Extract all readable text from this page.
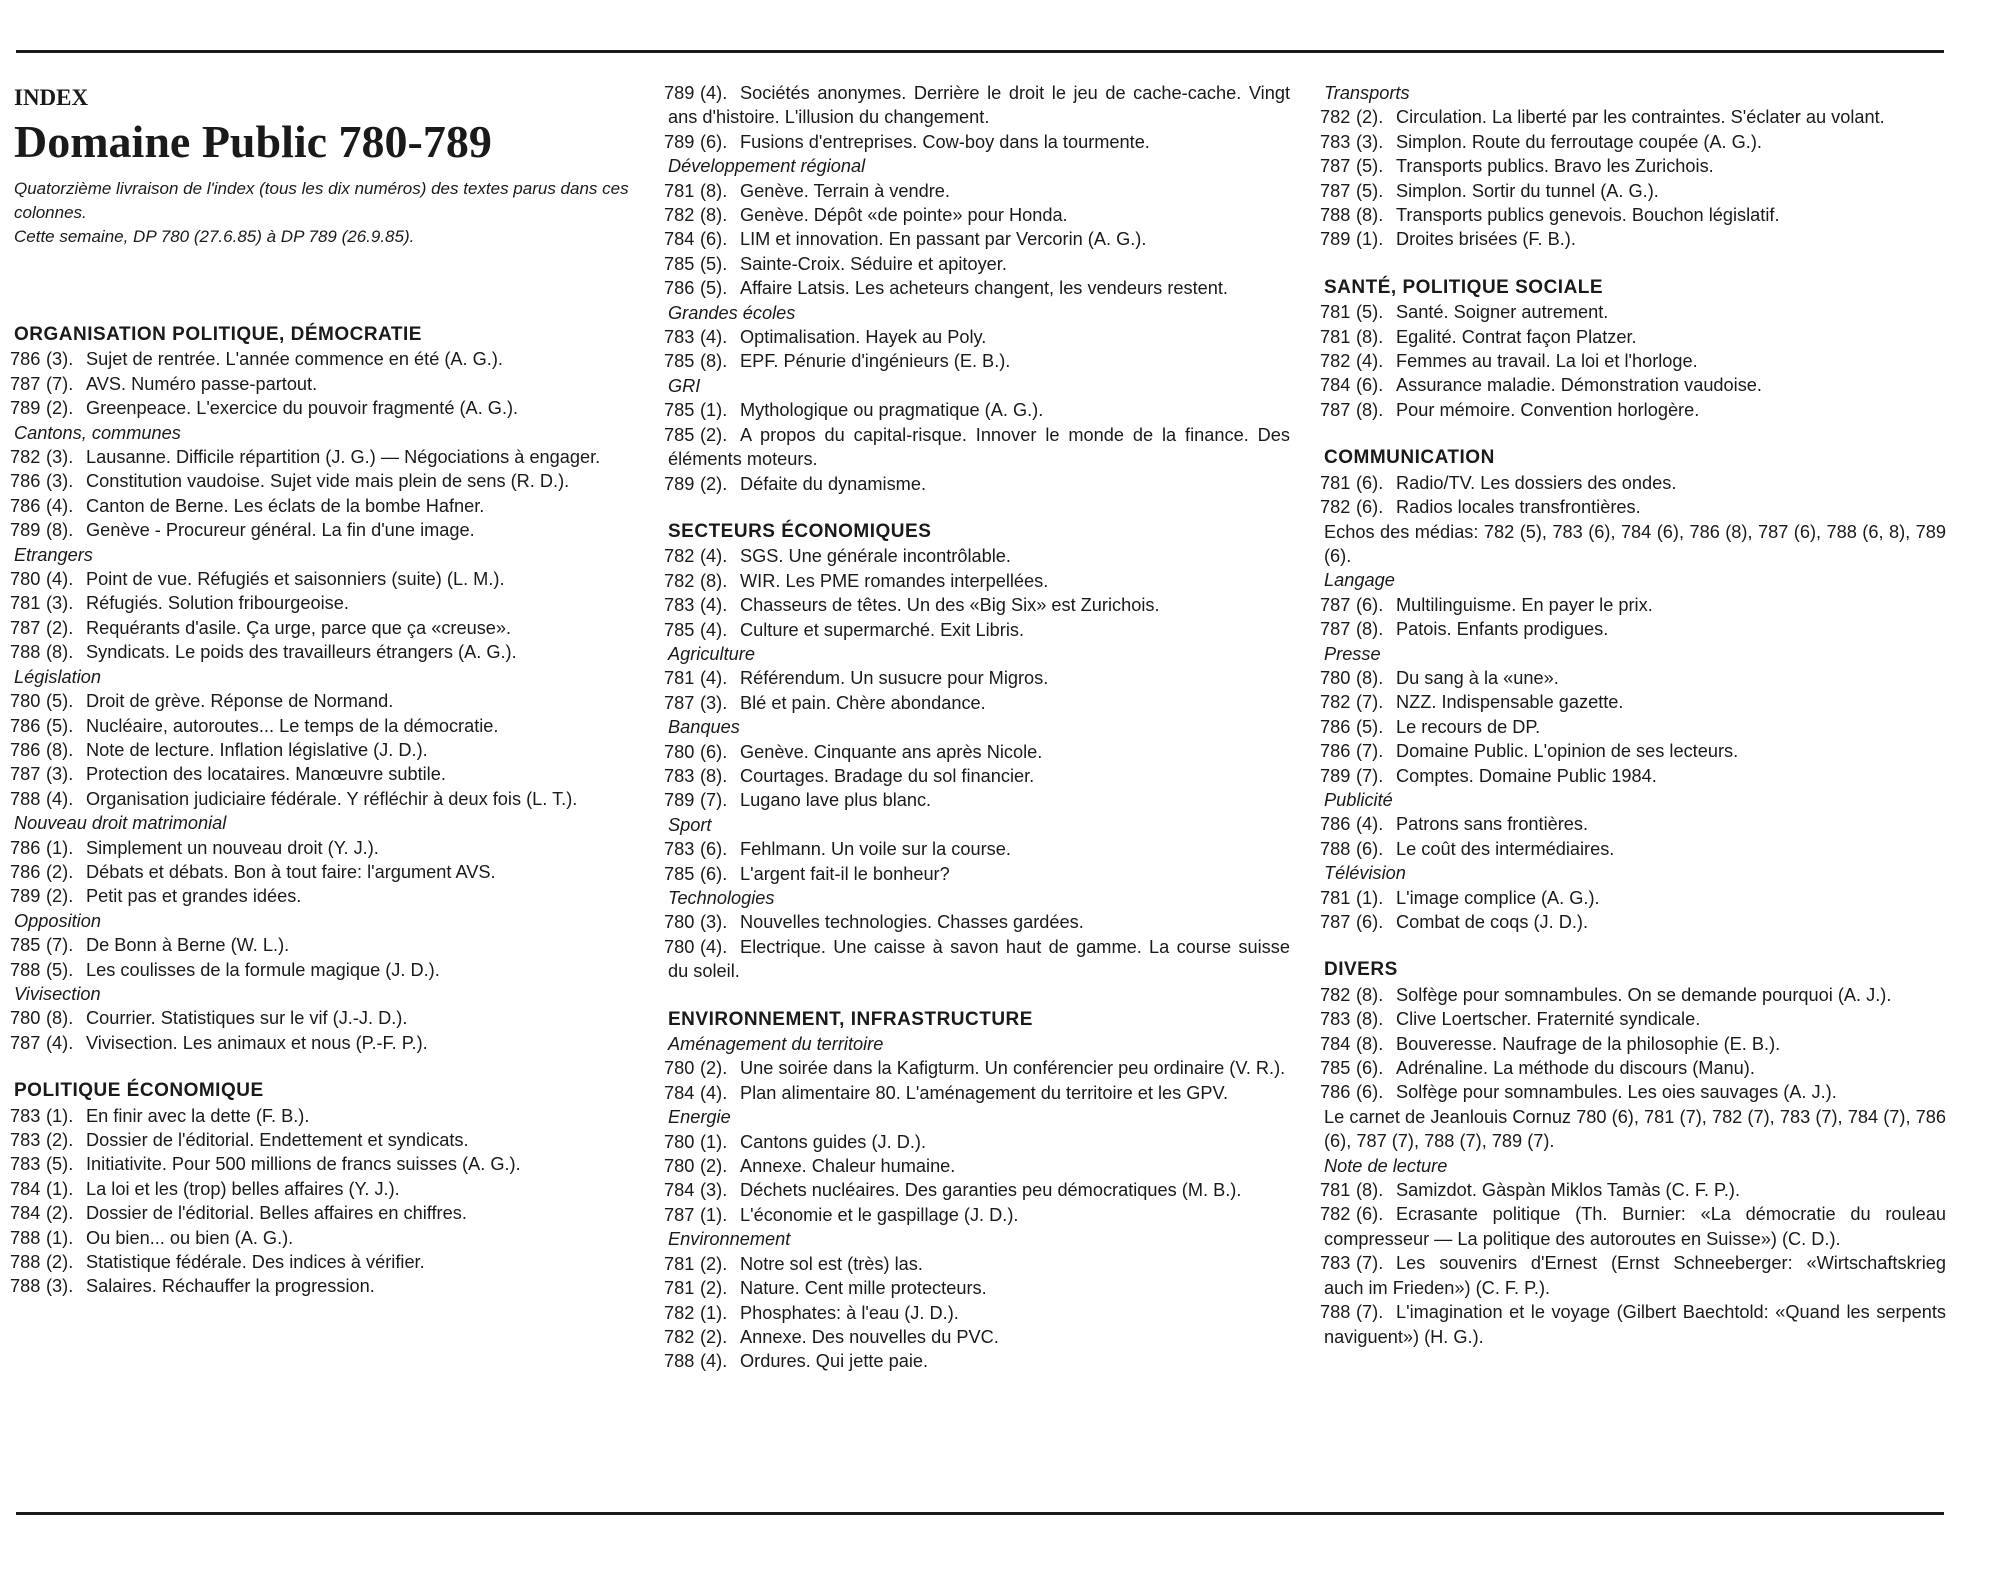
INDEX
Domaine Public 780-789
Quatorzième livraison de l'index (tous les dix numéros) des textes parus dans ces colonnes.
Cette semaine, DP 780 (27.6.85) à DP 789 (26.9.85).
ORGANISATION POLITIQUE, DÉMOCRATIE
786 (3). Sujet de rentrée. L'année commence en été (A. G.).
787 (7). AVS. Numéro passe-partout.
789 (2). Greenpeace. L'exercice du pouvoir fragmenté (A. G.).
Cantons, communes
782 (3). Lausanne. Difficile répartition (J. G.) — Négociations à engager.
786 (3). Constitution vaudoise. Sujet vide mais plein de sens (R. D.).
786 (4). Canton de Berne. Les éclats de la bombe Hafner.
789 (8). Genève - Procureur général. La fin d'une image.
Etrangers
780 (4). Point de vue. Réfugiés et saisonniers (suite) (L. M.).
781 (3). Réfugiés. Solution fribourgeoise.
787 (2). Requérants d'asile. Ça urge, parce que ça «creuse».
788 (8). Syndicats. Le poids des travailleurs étrangers (A. G.).
Législation
780 (5). Droit de grève. Réponse de Normand.
786 (5). Nucléaire, autoroutes... Le temps de la démocratie.
786 (8). Note de lecture. Inflation législative (J. D.).
787 (3). Protection des locataires. Manœuvre subtile.
788 (4). Organisation judiciaire fédérale. Y réfléchir à deux fois (L. T.).
Nouveau droit matrimonial
786 (1). Simplement un nouveau droit (Y. J.).
786 (2). Débats et débats. Bon à tout faire: l'argument AVS.
789 (2). Petit pas et grandes idées.
Opposition
785 (7). De Bonn à Berne (W. L.).
788 (5). Les coulisses de la formule magique (J. D.).
Vivisection
780 (8). Courrier. Statistiques sur le vif (J.-J. D.).
787 (4). Vivisection. Les animaux et nous (P.-F. P.).
POLITIQUE ÉCONOMIQUE
783 (1). En finir avec la dette (F. B.).
783 (2). Dossier de l'éditorial. Endettement et syndicats.
783 (5). Initiativite. Pour 500 millions de francs suisses (A. G.).
784 (1). La loi et les (trop) belles affaires (Y. J.).
784 (2). Dossier de l'éditorial. Belles affaires en chiffres.
788 (1). Ou bien... ou bien (A. G.).
788 (2). Statistique fédérale. Des indices à vérifier.
788 (3). Salaires. Réchauffer la progression.
789 (4). Sociétés anonymes. Derrière le droit le jeu de cache-cache. Vingt ans d'histoire. L'illusion du changement.
789 (6). Fusions d'entreprises. Cow-boy dans la tourmente.
Développement régional
781 (8). Genève. Terrain à vendre.
782 (8). Genève. Dépôt «de pointe» pour Honda.
784 (6). LIM et innovation. En passant par Vercorin (A. G.).
785 (5). Sainte-Croix. Séduire et apitoyer.
786 (5). Affaire Latsis. Les acheteurs changent, les vendeurs restent.
Grandes écoles
783 (4). Optimalisation. Hayek au Poly.
785 (8). EPF. Pénurie d'ingénieurs (E. B.).
GRI
785 (1). Mythologique ou pragmatique (A. G.).
785 (2). A propos du capital-risque. Innover le monde de la finance. Des éléments moteurs.
789 (2). Défaite du dynamisme.
SECTEURS ÉCONOMIQUES
782 (4). SGS. Une générale incontrôlable.
782 (8). WIR. Les PME romandes interpellées.
783 (4). Chasseurs de têtes. Un des «Big Six» est Zurichois.
785 (4). Culture et supermarché. Exit Libris.
Agriculture
781 (4). Référendum. Un susucre pour Migros.
787 (3). Blé et pain. Chère abondance.
Banques
780 (6). Genève. Cinquante ans après Nicole.
783 (8). Courtages. Bradage du sol financier.
789 (7). Lugano lave plus blanc.
Sport
783 (6). Fehlmann. Un voile sur la course.
785 (6). L'argent fait-il le bonheur?
Technologies
780 (3). Nouvelles technologies. Chasses gardées.
780 (4). Electrique. Une caisse à savon haut de gamme. La course suisse du soleil.
ENVIRONNEMENT, INFRASTRUCTURE
Aménagement du territoire
780 (2). Une soirée dans la Kafigturm. Un conférencier peu ordinaire (V. R.).
784 (4). Plan alimentaire 80. L'aménagement du territoire et les GPV.
Energie
780 (1). Cantons guides (J. D.).
780 (2). Annexe. Chaleur humaine.
784 (3). Déchets nucléaires. Des garanties peu démocratiques (M. B.).
787 (1). L'économie et le gaspillage (J. D.).
Environnement
781 (2). Notre sol est (très) las.
781 (2). Nature. Cent mille protecteurs.
782 (1). Phosphates: à l'eau (J. D.).
782 (2). Annexe. Des nouvelles du PVC.
788 (4). Ordures. Qui jette paie.
Transports
782 (2). Circulation. La liberté par les contraintes. S'éclater au volant.
783 (3). Simplon. Route du ferroutage coupée (A. G.).
787 (5). Transports publics. Bravo les Zurichois.
787 (5). Simplon. Sortir du tunnel (A. G.).
788 (8). Transports publics genevois. Bouchon législatif.
789 (1). Droites brisées (F. B.).
SANTÉ, POLITIQUE SOCIALE
781 (5). Santé. Soigner autrement.
781 (8). Egalité. Contrat façon Platzer.
782 (4). Femmes au travail. La loi et l'horloge.
784 (6). Assurance maladie. Démonstration vaudoise.
787 (8). Pour mémoire. Convention horlogère.
COMMUNICATION
781 (6). Radio/TV. Les dossiers des ondes.
782 (6). Radios locales transfrontières.
Echos des médias: 782 (5), 783 (6), 784 (6), 786 (8), 787 (6), 788 (6, 8), 789 (6).
Langage
787 (6). Multilinguisme. En payer le prix.
787 (8). Patois. Enfants prodigues.
Presse
780 (8). Du sang à la «une».
782 (7). NZZ. Indispensable gazette.
786 (5). Le recours de DP.
786 (7). Domaine Public. L'opinion de ses lecteurs.
789 (7). Comptes. Domaine Public 1984.
Publicité
786 (4). Patrons sans frontières.
788 (6). Le coût des intermédiaires.
Télévision
781 (1). L'image complice (A. G.).
787 (6). Combat de coqs (J. D.).
DIVERS
782 (8). Solfège pour somnambules. On se demande pourquoi (A. J.).
783 (8). Clive Loertscher. Fraternité syndicale.
784 (8). Bouveresse. Naufrage de la philosophie (E. B.).
785 (6). Adrénaline. La méthode du discours (Manu).
786 (6). Solfège pour somnambules. Les oies sauvages (A. J.).
Le carnet de Jeanlouis Cornuz 780 (6), 781 (7), 782 (7), 783 (7), 784 (7), 786 (6), 787 (7), 788 (7), 789 (7).
Note de lecture
781 (8). Samizdot. Gàspàn Miklos Tamàs (C. F. P.).
782 (6). Ecrasante politique (Th. Burnier: «La démocratie du rouleau compresseur — La politique des autoroutes en Suisse») (C. D.).
783 (7). Les souvenirs d'Ernest (Ernst Schneeberger: «Wirtschaftskrieg auch im Frieden») (C. F. P.).
788 (7). L'imagination et le voyage (Gilbert Baechtold: «Quand les serpents naviguent») (H. G.).
